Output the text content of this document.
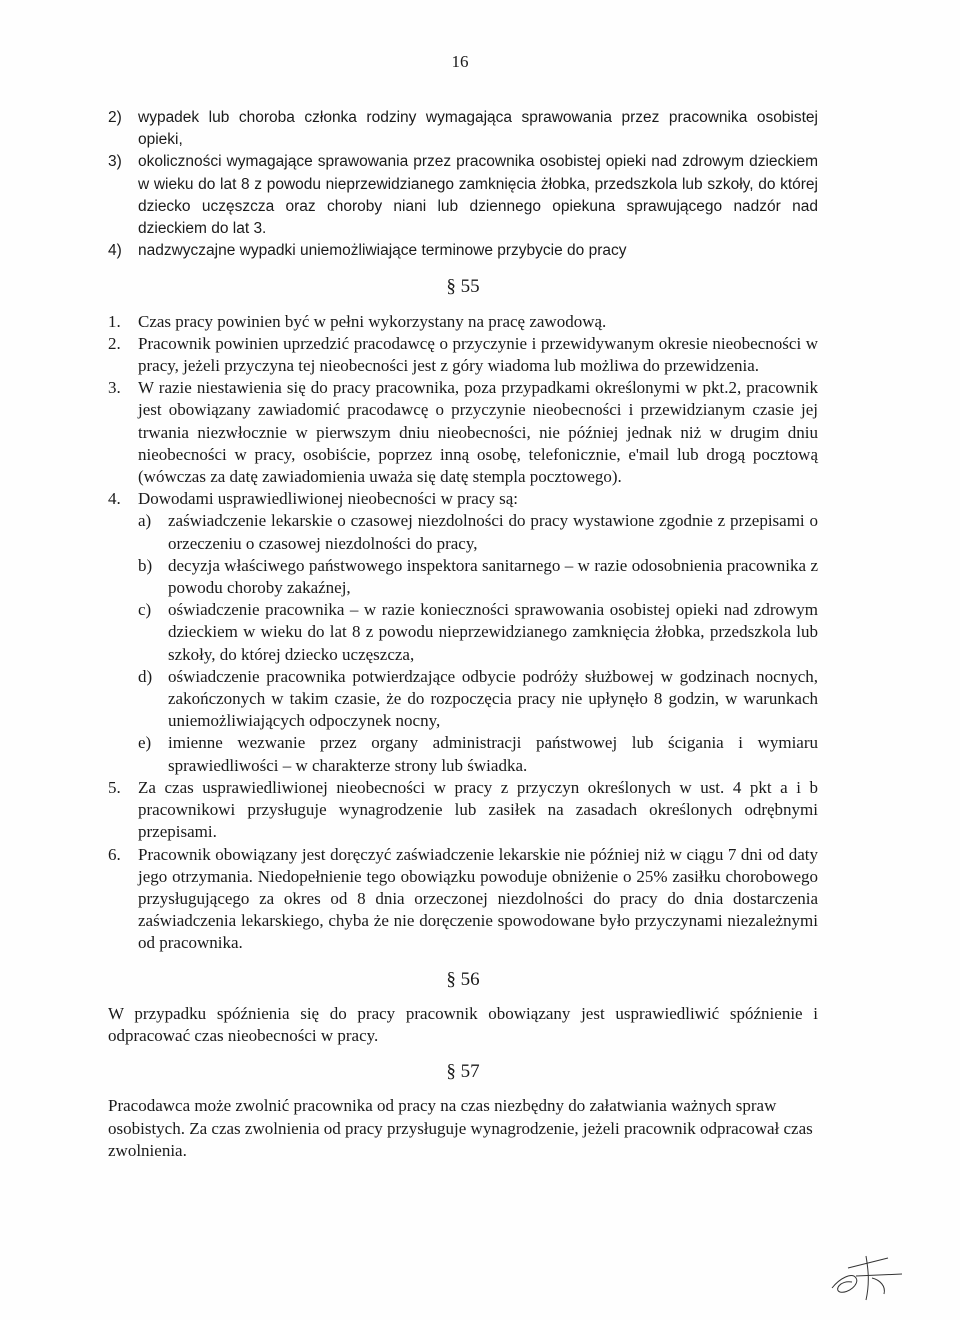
16
2)	wypadek lub choroba członka rodziny wymagająca sprawowania przez pracownika osobistej opieki,
3)	okoliczności wymagające sprawowania przez pracownika osobistej opieki nad zdrowym dzieckiem w wieku do lat 8 z powodu nieprzewidzianego zamknięcia żłobka, przedszkola lub szkoły, do której dziecko uczęszcza oraz choroby niani lub dziennego opiekuna sprawującego nadzór nad dzieckiem do lat 3.
4)	nadzwyczajne wypadki uniemożliwiające terminowe przybycie do pracy
§ 55
1.	Czas pracy powinien być w pełni wykorzystany na pracę zawodową.
2.	Pracownik powinien uprzedzić pracodawcę o przyczynie i przewidywanym okresie nieobecności w pracy, jeżeli przyczyna tej nieobecności jest z góry wiadoma lub możliwa do przewidzenia.
3.	W razie niestawienia się do pracy pracownika, poza przypadkami określonymi w pkt.2, pracownik jest obowiązany zawiadomić pracodawcę o przyczynie nieobecności i przewidzianym czasie jej trwania niezwłocznie w pierwszym dniu nieobecności, nie później jednak niż w drugim dniu nieobecności w pracy, osobiście, poprzez inną osobę, telefonicznie, e'mail lub drogą pocztową (wówczas za datę zawiadomienia uważa się datę stempla pocztowego).
4.	Dowodami usprawiedliwionej nieobecności w pracy są:
a) zaświadczenie lekarskie o czasowej niezdolności do pracy wystawione zgodnie z przepisami o orzeczeniu o czasowej niezdolności do pracy,
b) decyzja właściwego państwowego inspektora sanitarnego – w razie odosobnienia pracownika z powodu choroby zakaźnej,
c) oświadczenie pracownika – w razie konieczności sprawowania osobistej opieki nad zdrowym dzieckiem w wieku do lat 8 z powodu nieprzewidzianego zamknięcia żłobka, przedszkola lub szkoły, do której dziecko uczęszcza,
d) oświadczenie pracownika potwierdzające odbycie podróży służbowej w godzinach nocnych, zakończonych w takim czasie, że do rozpoczęcia pracy nie upłynęło 8 godzin, w warunkach uniemożliwiających odpoczynek nocny,
e) imienne wezwanie przez organy administracji państwowej lub ścigania i wymiaru sprawiedliwości – w charakterze strony lub świadka.
5.	Za czas usprawiedliwionej nieobecności w pracy z przyczyn określonych w ust. 4 pkt a i b pracownikowi przysługuje wynagrodzenie lub zasiłek na zasadach określonych odrębnymi przepisami.
6.	Pracownik obowiązany jest doręczyć zaświadczenie lekarskie nie później niż w ciągu 7 dni od daty jego otrzymania. Niedopełnienie tego obowiązku powoduje obniżenie o 25% zasiłku chorobowego przysługującego za okres od 8 dnia orzeczonej niezdolności do pracy do dnia dostarczenia zaświadczenia lekarskiego, chyba że nie doręczenie spowodowane było przyczynami niezależnymi od pracownika.
§ 56
W przypadku spóźnienia się do pracy pracownik obowiązany jest usprawiedliwić spóźnienie i odpracować czas nieobecności w pracy.
§ 57
Pracodawca może zwolnić pracownika od pracy na czas niezbędny do załatwiania ważnych spraw osobistych. Za czas zwolnienia od pracy przysługuje wynagrodzenie, jeżeli pracownik odpracował czas zwolnienia.
